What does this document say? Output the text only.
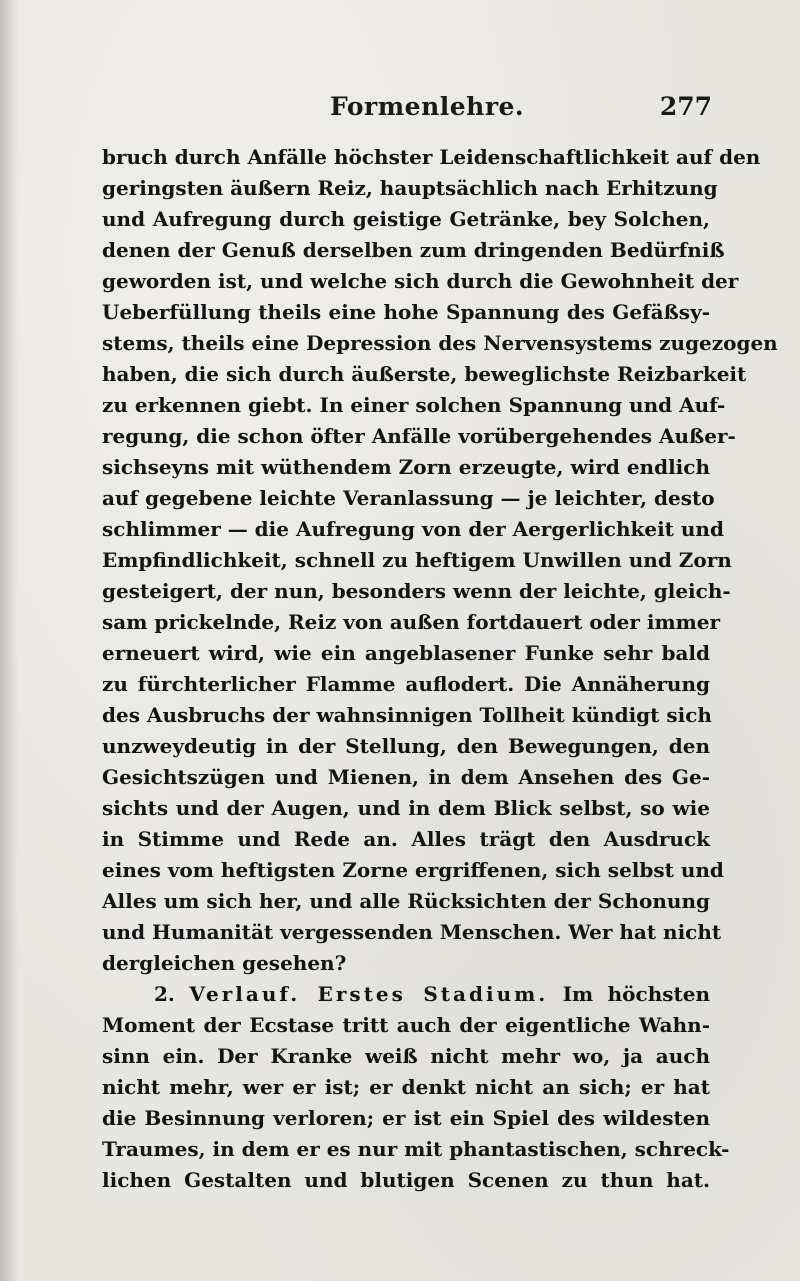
Formenlehre.	277
bruch durch Anfälle höchster Leidenschaftlichkeit auf den
geringsten äußern Reiz, hauptsächlich nach Erhitzung
und Aufregung durch geistige Getränke, bey Solchen,
denen der Genuß derselben zum dringenden Bedürfniß
geworden ist, und welche sich durch die Gewohnheit der
Ueberfüllung theils eine hohe Spannung des Gefäßsy-
stems, theils eine Depression des Nervensystems zugezogen
haben, die sich durch äußerste, beweglichste Reizbarkeit
zu erkennen giebt. In einer solchen Spannung und Auf-
regung, die schon öfter Anfälle vorübergehendes Außer-
sichseyns mit wüthendem Zorn erzeugte, wird endlich
auf gegebene leichte Veranlassung — je leichter, desto
schlimmer — die Aufregung von der Aergerlichkeit und
Empfindlichkeit, schnell zu heftigem Unwillen und Zorn
gesteigert, der nun, besonders wenn der leichte, gleich-
sam prickelnde, Reiz von außen fortdauert oder immer
erneuert wird, wie ein angeblasener Funke sehr bald
zu fürchterlicher Flamme auflodert. Die Annäherung
des Ausbruchs der wahnsinnigen Tollheit kündigt sich
unzweydeutig in der Stellung, den Bewegungen, den
Gesichtszügen und Mienen, in dem Ansehen des Ge-
sichts und der Augen, und in dem Blick selbst, so wie
in Stimme und Rede an. Alles trägt den Ausdruck
eines vom heftigsten Zorne ergriffenen, sich selbst und
Alles um sich her, und alle Rücksichten der Schonung
und Humanität vergessenden Menschen. Wer hat nicht
dergleichen gesehen?
2. Verlauf. Erstes Stadium. Im höchsten
Moment der Ecstase tritt auch der eigentliche Wahn-
sinn ein. Der Kranke weiß nicht mehr wo, ja auch
nicht mehr, wer er ist; er denkt nicht an sich; er hat
die Besinnung verloren; er ist ein Spiel des wildesten
Traumes, in dem er es nur mit phantastischen, schreck-
lichen Gestalten und blutigen Scenen zu thun hat.
